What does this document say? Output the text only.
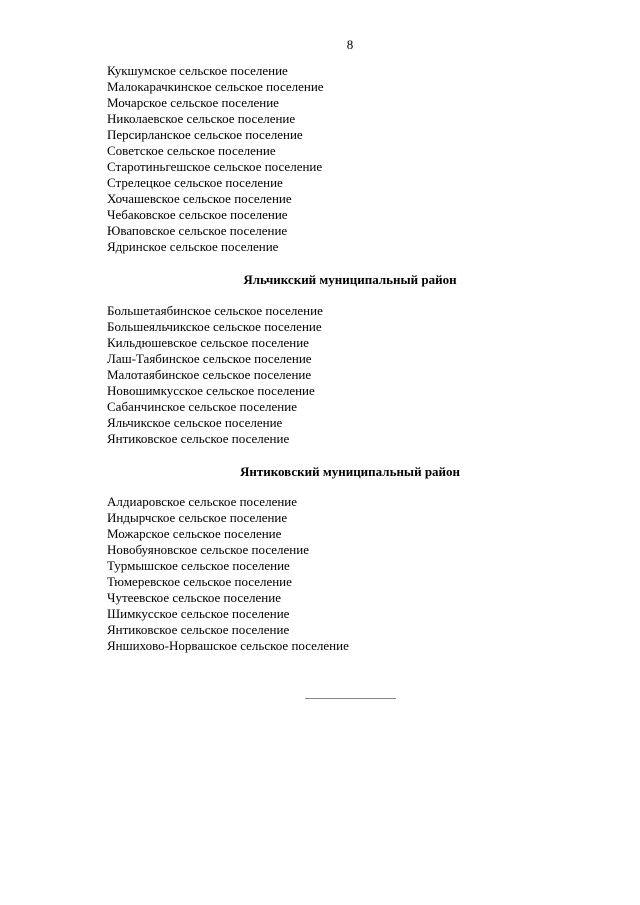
8
Кукшумское сельское поселение
Малокарачкинское сельское поселение
Мочарское сельское поселение
Николаевское сельское поселение
Персирланское сельское поселение
Советское сельское поселение
Старотиньгешское сельское поселение
Стрелецкое сельское поселение
Хочашевское сельское поселение
Чебаковское сельское поселение
Юваповское сельское поселение
Ядринское сельское поселение
Яльчикский муниципальный район
Большетаябинское сельское поселение
Большеяльчикское сельское поселение
Кильдюшевское сельское поселение
Лаш-Таябинское сельское поселение
Малотаябинское сельское поселение
Новошимкусское сельское поселение
Сабанчинское сельское поселение
Яльчикское сельское поселение
Янтиковское сельское поселение
Янтиковский муниципальный район
Алдиаровское сельское поселение
Индырчское сельское поселение
Можарское сельское поселение
Новобуяновское сельское поселение
Турмышское сельское поселение
Тюмеревское сельское поселение
Чутеевское сельское поселение
Шимкусское сельское поселение
Янтиковское сельское поселение
Яншихово-Норвашское сельское поселение
